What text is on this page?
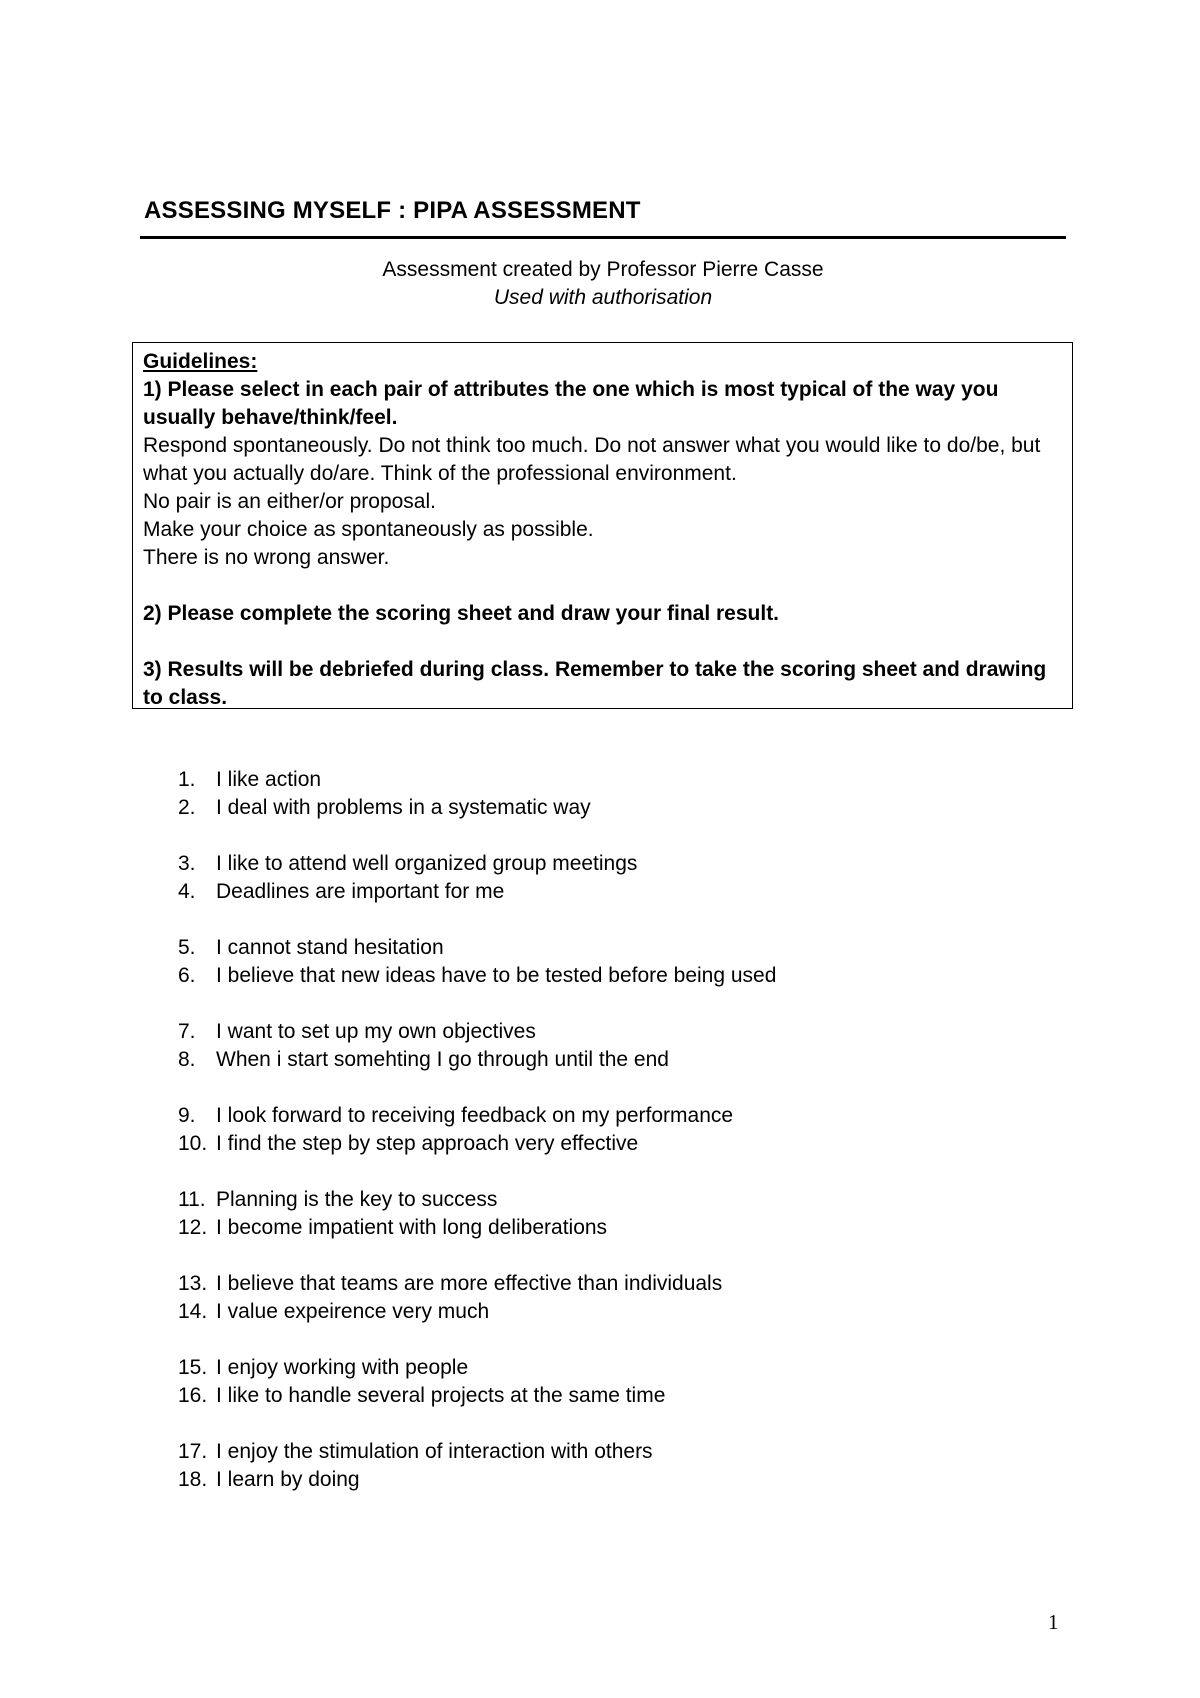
ASSESSING MYSELF : PIPA ASSESSMENT
Assessment created by Professor Pierre Casse
Used with authorisation

Guidelines:

1) Please select in each pair of attributes the one which is most typical of the way you usually behave/think/feel.

Respond spontaneously. Do not think too much. Do not answer what you would like to do/be, but what you actually do/are. Think of the professional environment.

No pair is an either/or proposal.

Make your choice as spontaneously as possible.

There is no wrong answer.

2) Please complete the scoring sheet and draw your final result.

3) Results will be debriefed during class. Remember to take the scoring sheet and drawing to class.

1. I like action
2. I deal with problems in a systematic way
3. I like to attend well organized group meetings
4. Deadlines are important for me
5. I cannot stand hesitation
6. I believe that new ideas have to be tested before being used
7. I want to set up my own objectives
8. When i start somehting I go through until the end
9. I look forward to receiving feedback on my performance
10. I find the step by step approach very effective
11. Planning is the key to success
12. I become impatient with long deliberations
13. I believe that teams are more effective than individuals
14. I value expeirence very much
15. I enjoy working with people
16. I like to handle several projects at the same time
17. I enjoy the stimulation of interaction with others
18. I learn by doing
1
